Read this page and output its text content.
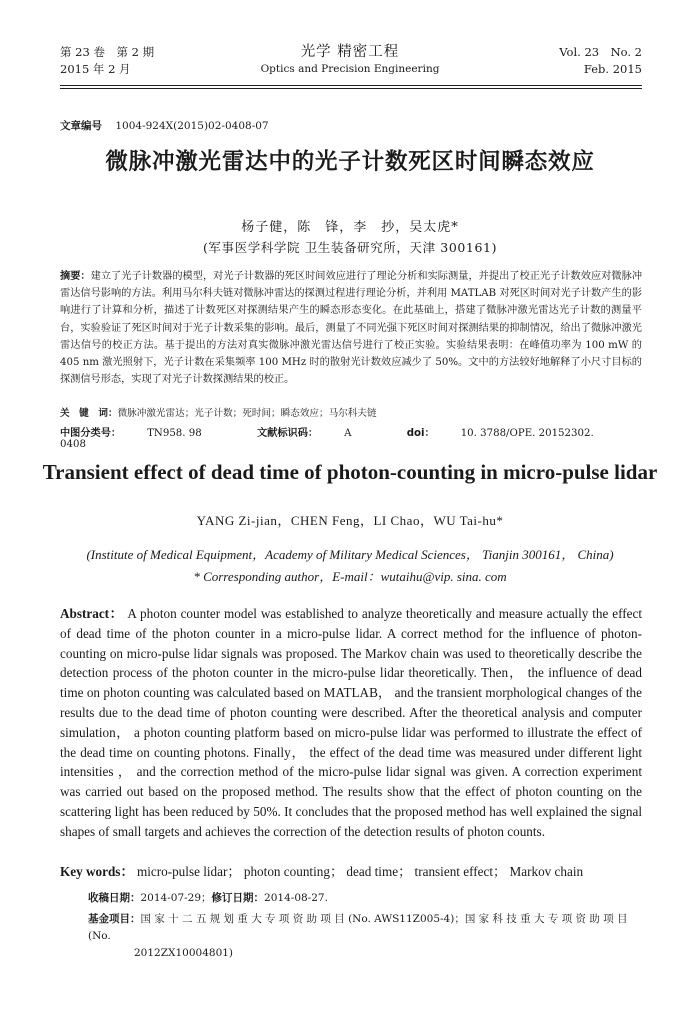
第 23 卷　第 2 期
2015 年 2 月
光学 精密工程
Optics and Precision Engineering
Vol. 23　No. 2
Feb. 2015
文章编号 1004-924X(2015)02-0408-07
微脉冲激光雷达中的光子计数死区时间瞬态效应
杨子健，陈　锋，李　抄，吴太虎*
(军事医学科学院 卫生装备研究所，天津 300161)
摘要：建立了光子计数器的模型，对光子计数器的死区时间效应进行了理论分析和实际测量，并提出了校正光子计数效应对微脉冲雷达信号影响的方法。利用马尔科夫链对微脉冲雷达的探测过程进行理论分析，并利用 MATLAB 对死区时间对光子计数产生的影响进行了计算和分析，描述了计数死区对探测结果产生的瞬态形态变化。在此基础上，搭建了微脉冲激光雷达光子计数的测量平台，实验验证了死区时间对于光子计数采集的影响。最后，测量了不同光强下死区时间对探测结果的抑制情况，给出了微脉冲激光雷达信号的校正方法。基于提出的方法对真实微脉冲激光雷达信号进行了校正实验。实验结果表明：在峰值功率为 100 mW 的 405 nm 激光照射下，光子计数在采集频率 100 MHz 时的散射光计数效应减少了 50%。文中的方法较好地解释了小尺寸目标的探测信号形态，实现了对光子计数探测结果的校正。
关　键　词：微脉冲激光雷达；光子计数；死时间；瞬态效应；马尔科夫链
中图分类号：	TN958. 98	文献标识码：	A	doi：	10. 3788/OPE. 20152302. 0408
Transient effect of dead time of photon-counting in micro-pulse lidar
YANG Zi-jian，CHEN Feng，LI Chao，WU Tai-hu*
(Institute of Medical Equipment，Academy of Military Medical Sciences， Tianjin 300161， China)
* Corresponding author，E-mail：wutaihu@vip. sina. com
Abstract： A photon counter model was established to analyze theoretically and measure actually the effect of dead time of the photon counter in a micro-pulse lidar. A correct method for the influence of photon-counting on micro-pulse lidar signals was proposed. The Markov chain was used to theoretically describe the detection process of the photon counter in the micro-pulse lidar theoretically. Then， the influence of dead time on photon counting was calculated based on MATLAB， and the transient morphological changes of the results due to the dead time of photon counting were described. After the theoretical analysis and computer simulation， a photon counting platform based on micro-pulse lidar was performed to illustrate the effect of the dead time on counting photons. Finally， the effect of the dead time was measured under different light intensities ， and the correction method of the micro-pulse lidar signal was given. A correction experiment was carried out based on the proposed method. The results show that the effect of photon counting on the scattering light has been reduced by 50%. It concludes that the proposed method has well explained the signal shapes of small targets and achieves the correction of the detection results of photon counts.
Key words： micro-pulse lidar； photon counting； dead time； transient effect； Markov chain
收稿日期：2014-07-29；修订日期：2014-08-27.
基金项目：国 家 十 二 五 规 划 重 大 专 项 资 助 项 目 (No. AWS11Z005-4)；国 家 科 技 重 大 专 项 资 助 项 目 (No.
2012ZX10004801)
